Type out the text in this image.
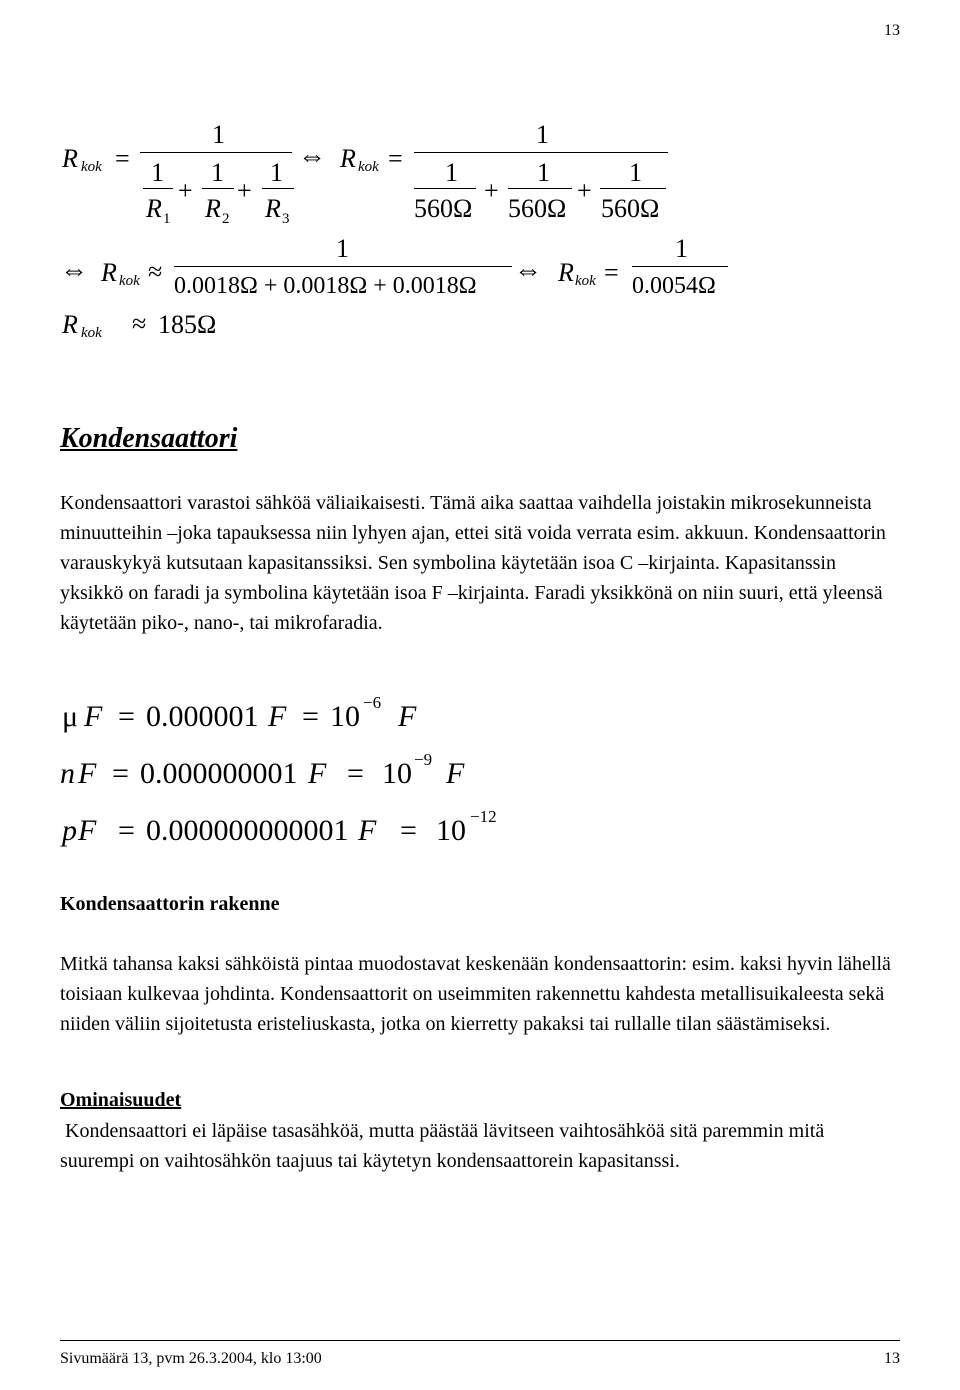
13
R kok =
1
1
R 1
+
1
R 2
+
1
R 3
⇔ R kok =
1
1
560Ω
+
1
560Ω
+
1
560Ω
⇔ R kok ≈
1
0.0018Ω + 0.0018Ω + 0.0018Ω ⇔ R kok =
1
0.0054Ω
R kok ≈ 185Ω
Kondensaattori
Kondensaattori varastoi sähköä väliaikaisesti. Tämä aika saattaa vaihdella joistakin mikrosekunneista minuutteihin –joka tapauksessa niin lyhyen ajan, ettei sitä voida verrata esim. akkuun. Kondensaattorin varauskykyä kutsutaan kapasitanssiksi. Sen symbolina käytetään isoa C –kirjainta. Kapasitanssin yksikkö on faradi ja symbolina käytetään isoa F –kirjainta. Faradi yksikkönä on niin suuri, että yleensä käytetään piko-, nano-, tai mikrofaradia.
μ F = 0.000001 F = 10 −6 F
n F = 0.000000001 F = 10 −9 F
p F = 0.000000000001 F = 10 −12
Kondensaattorin rakenne
Mitkä tahansa kaksi sähköistä pintaa muodostavat keskenään kondensaattorin: esim. kaksi hyvin lähellä toisiaan kulkevaa johdinta. Kondensaattorit on useimmiten rakennettu kahdesta metallisuikaleesta sekä niiden väliin sijoitetusta eristeliuskasta, jotka on kierretty pakaksi tai rullalle tilan säästämiseksi.
Ominaisuudet
Kondensaattori ei läpäise tasasähköä, mutta päästää lävitseen vaihtosähköä sitä paremmin mitä suurempi on vaihtosähkön taajuus tai käytetyn kondensaattorein kapasitanssi.
Sivumäärä 13, pvm 26.3.2004, klo 13:00	13
